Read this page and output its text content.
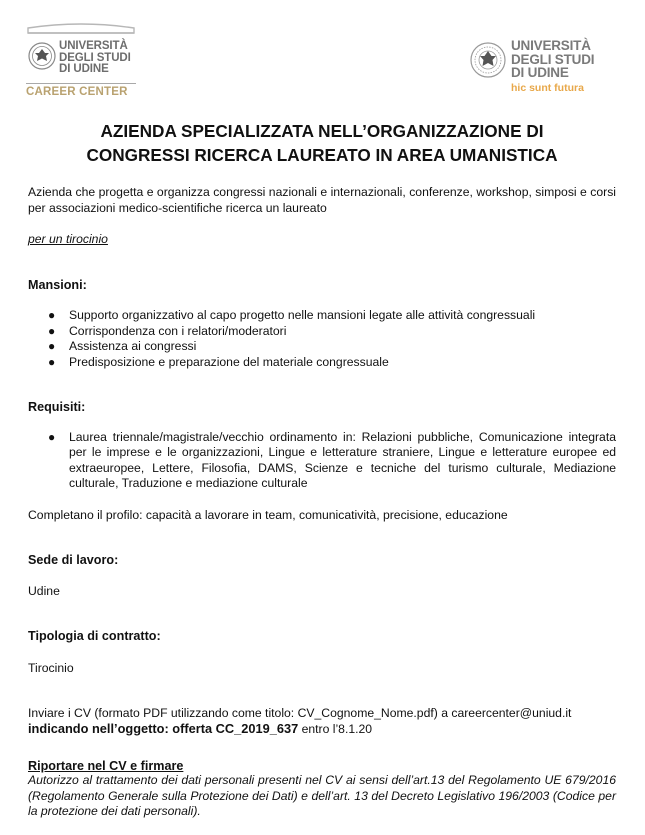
UNIVERSITÀ
DEGLI STUDI
DI UDINE
CAREER CENTER
UNIVERSITÀ
DEGLI STUDI
DI UDINE
hic sunt futura
AZIENDA SPECIALIZZATA NELL’ORGANIZZAZIONE DI
CONGRESSI RICERCA LAUREATO IN AREA UMANISTICA
Azienda che progetta e organizza congressi nazionali e internazionali, conferenze, workshop, simposi e corsi per associazioni medico-scientifiche ricerca un laureato
per un tirocinio
Mansioni:
● Supporto organizzativo al capo progetto nelle mansioni legate alle attività congressuali
● Corrispondenza con i relatori/moderatori
● Assistenza ai congressi
● Predisposizione e preparazione del materiale congressuale
Requisiti:
● Laurea triennale/magistrale/vecchio ordinamento in: Relazioni pubbliche, Comunicazione integrata per le imprese e le organizzazioni, Lingue e letterature straniere, Lingue e letterature europee ed extraeuropee, Lettere, Filosofia, DAMS, Scienze e tecniche del turismo culturale, Mediazione culturale, Traduzione e mediazione culturale
Completano il profilo: capacità a lavorare in team, comunicatività, precisione, educazione
Sede di lavoro:
Udine
Tipologia di contratto:
Tirocinio
Inviare i CV (formato PDF utilizzando come titolo: CV_Cognome_Nome.pdf) a careercenter@uniud.it
indicando nell’oggetto: offerta CC_2019_637 entro l’8.1.20
Riportare nel CV e firmare
Autorizzo al trattamento dei dati personali presenti nel CV ai sensi dell’art.13 del Regolamento UE 679/2016 (Regolamento Generale sulla Protezione dei Dati) e dell’art. 13 del Decreto Legislativo 196/2003 (Codice per la protezione dei dati personali).
